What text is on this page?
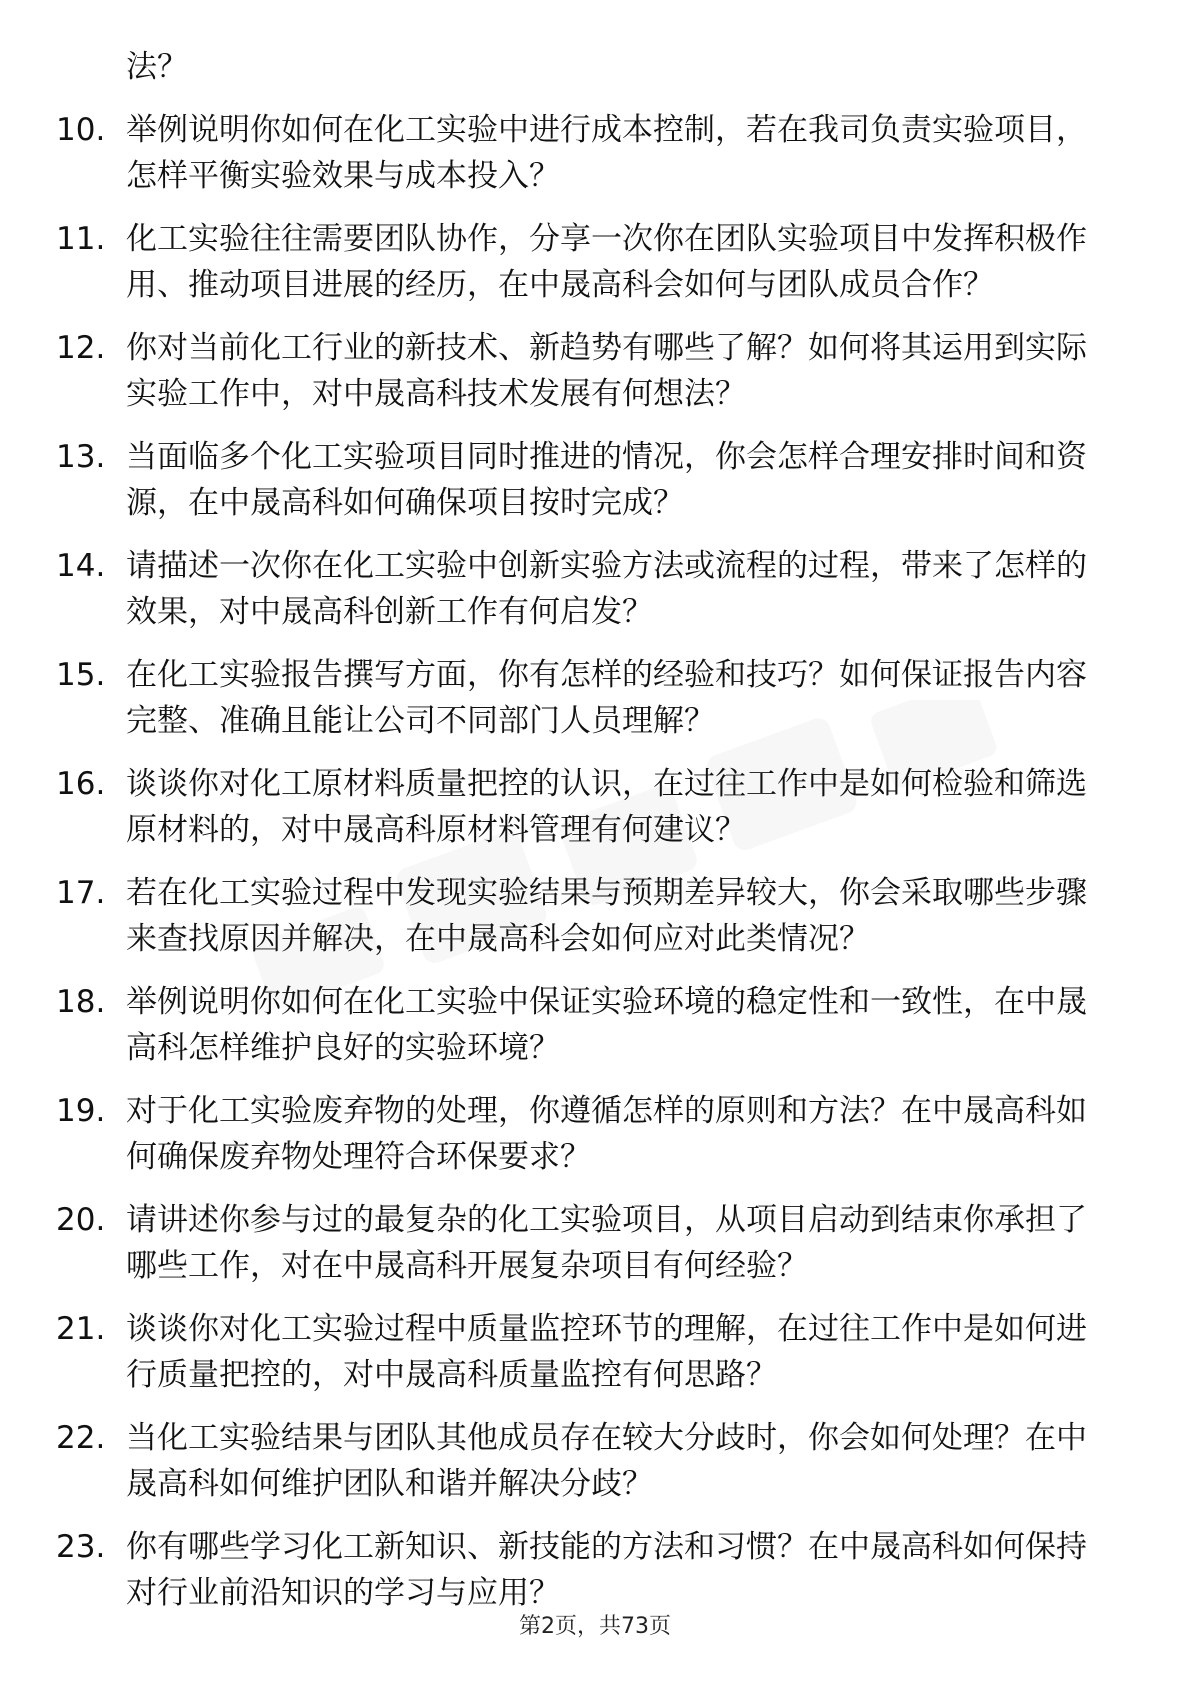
法？

10. 举例说明你如何在化工实验中进行成本控制，若在我司负责实验项目，怎样平衡实验效果与成本投入？
11. 化工实验往往需要团队协作，分享一次你在团队实验项目中发挥积极作用、推动项目进展的经历，在中晟高科会如何与团队成员合作？
12. 你对当前化工行业的新技术、新趋势有哪些了解？如何将其运用到实际实验工作中，对中晟高科技术发展有何想法？
13. 当面临多个化工实验项目同时推进的情况，你会怎样合理安排时间和资源，在中晟高科如何确保项目按时完成？
14. 请描述一次你在化工实验中创新实验方法或流程的过程，带来了怎样的效果，对中晟高科创新工作有何启发？
15. 在化工实验报告撰写方面，你有怎样的经验和技巧？如何保证报告内容完整、准确且能让公司不同部门人员理解？
16. 谈谈你对化工原材料质量把控的认识，在过往工作中是如何检验和筛选原材料的，对中晟高科原材料管理有何建议？
17. 若在化工实验过程中发现实验结果与预期差异较大，你会采取哪些步骤来查找原因并解决，在中晟高科会如何应对此类情况？
18. 举例说明你如何在化工实验中保证实验环境的稳定性和一致性，在中晟高科怎样维护良好的实验环境？
19. 对于化工实验废弃物的处理，你遵循怎样的原则和方法？在中晟高科如何确保废弃物处理符合环保要求？
20. 请讲述你参与过的最复杂的化工实验项目，从项目启动到结束你承担了哪些工作，对在中晟高科开展复杂项目有何经验？
21. 谈谈你对化工实验过程中质量监控环节的理解，在过往工作中是如何进行质量把控的，对中晟高科质量监控有何思路？
22. 当化工实验结果与团队其他成员存在较大分歧时，你会如何处理？在中晟高科如何维护团队和谐并解决分歧？
23. 你有哪些学习化工新知识、新技能的方法和习惯？在中晟高科如何保持对行业前沿知识的学习与应用？
第2页，共73页
